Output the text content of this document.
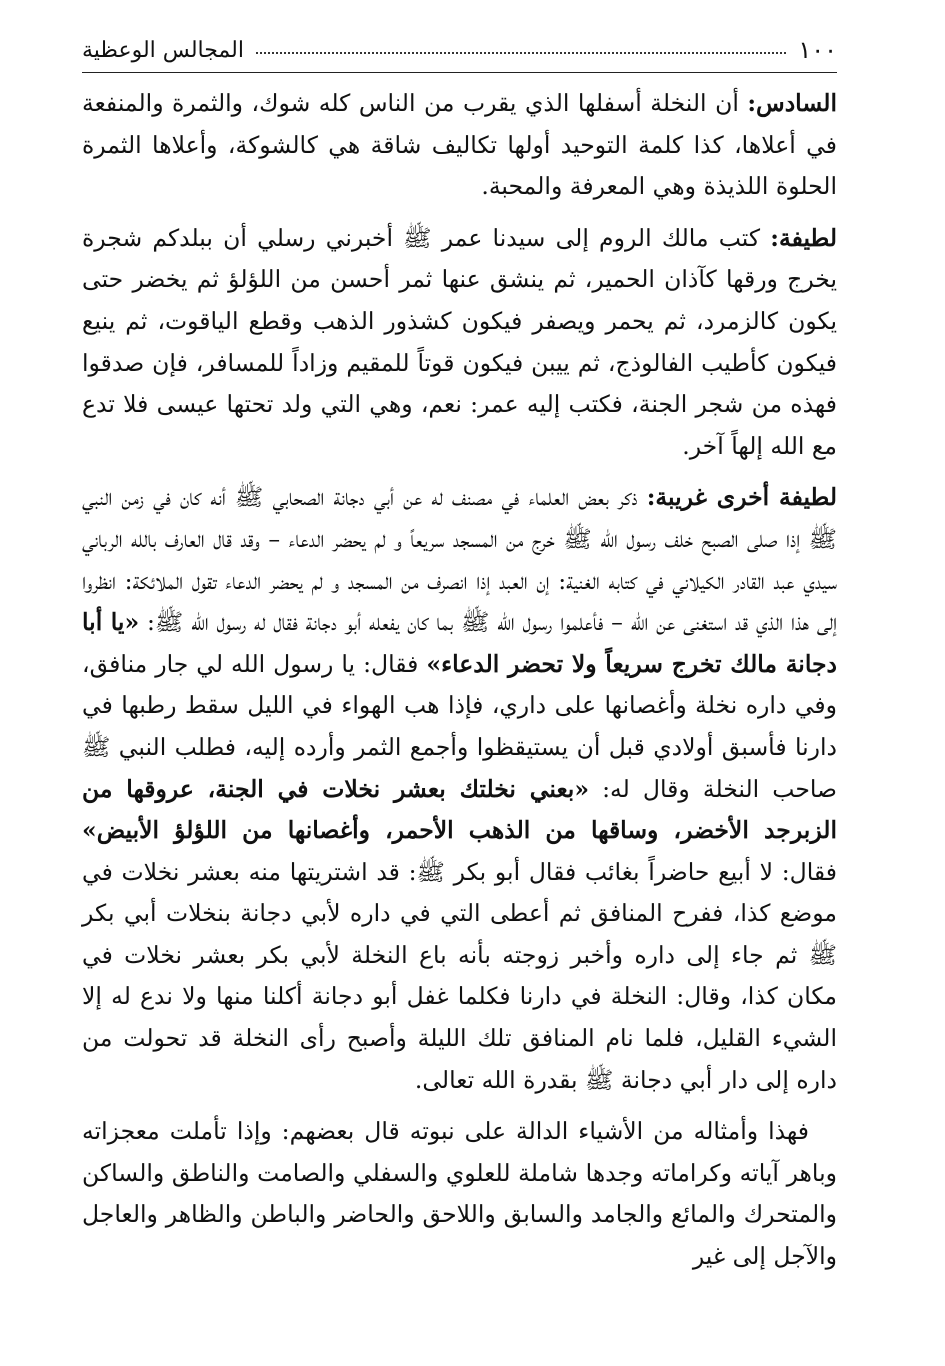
١٠٠
المجالس الوعظية

السادس: أن النخلة أسفلها الذي يقرب من الناس كله شوك، والثمرة والمنفعة في أعلاها، كذا كلمة التوحيد أولها تكاليف شاقة هي كالشوكة، وأعلاها الثمرة الحلوة اللذيذة وهي المعرفة والمحبة.

لطيفة: كتب مالك الروم إلى سيدنا عمر ﷺ أخبرني رسلي أن ببلدكم شجرة يخرج ورقها كآذان الحمير، ثم ينشق عنها ثمر أحسن من اللؤلؤ ثم يخضر حتى يكون كالزمرد، ثم يحمر ويصفر فيكون كشذور الذهب وقطع الياقوت، ثم ينيع فيكون كأطيب الفالوذج، ثم ييبن فيكون قوتاً للمقيم وزاداً للمسافر، فإن صدقوا فهذه من شجر الجنة، فكتب إليه عمر: نعم، وهي التي ولد تحتها عيسى فلا تدع مع الله إلهاً آخر.

لطيفة أخرى غريبة: ذكر بعض العلماء في مصنف له عن أبي دجانة الصحابي ﷺ أنه كان في زمن النبي ﷺ إذا صلى الصبح خلف رسول الله ﷺ خرج من المسجد سريعاً و لم يحضر الدعاء – وقد قال العارف بالله الرباني سيدي عبد القادر الكيلاني في كتابه الغنية: إن العبد إذا انصرف من المسجد و لم يحضر الدعاء تقول الملائكة: انظروا إلى هذا الذي قد استغنى عن الله – فأعلموا رسول الله ﷺ بما كان يفعله أبو دجانة فقال له رسول الله ﷺ: «يا أبا دجانة مالك تخرج سريعاً ولا تحضر الدعاء» فقال: يا رسول الله لي جار منافق، وفي داره نخلة وأغصانها على داري، فإذا هب الهواء في الليل سقط رطبها في دارنا فأسبق أولادي قبل أن يستيقظوا وأجمع الثمر وأرده إليه، فطلب النبي ﷺ صاحب النخلة وقال له: «بعني نخلتك بعشر نخلات في الجنة، عروقها من الزبرجد الأخضر، وساقها من الذهب الأحمر، وأغصانها من اللؤلؤ الأبيض» فقال: لا أبيع حاضراً بغائب فقال أبو بكر ﷺ: قد اشتريتها منه بعشر نخلات في موضع كذا، ففرح المنافق ثم أعطى التي في داره لأبي دجانة بنخلات أبي بكر ﷺ ثم جاء إلى داره وأخبر زوجته بأنه باع النخلة لأبي بكر بعشر نخلات في مكان كذا، وقال: النخلة في دارنا فكلما غفل أبو دجانة أكلنا منها ولا ندع له إلا الشيء القليل، فلما نام المنافق تلك الليلة وأصبح رأى النخلة قد تحولت من داره إلى دار أبي دجانة ﷺ بقدرة الله تعالى.

فهذا وأمثاله من الأشياء الدالة على نبوته قال بعضهم: وإذا تأملت معجزاته وباهر آياته وكراماته وجدها شاملة للعلوي والسفلي والصامت والناطق والساكن والمتحرك والمائع والجامد والسابق واللاحق والحاضر والباطن والظاهر والعاجل والآجل إلى غير
